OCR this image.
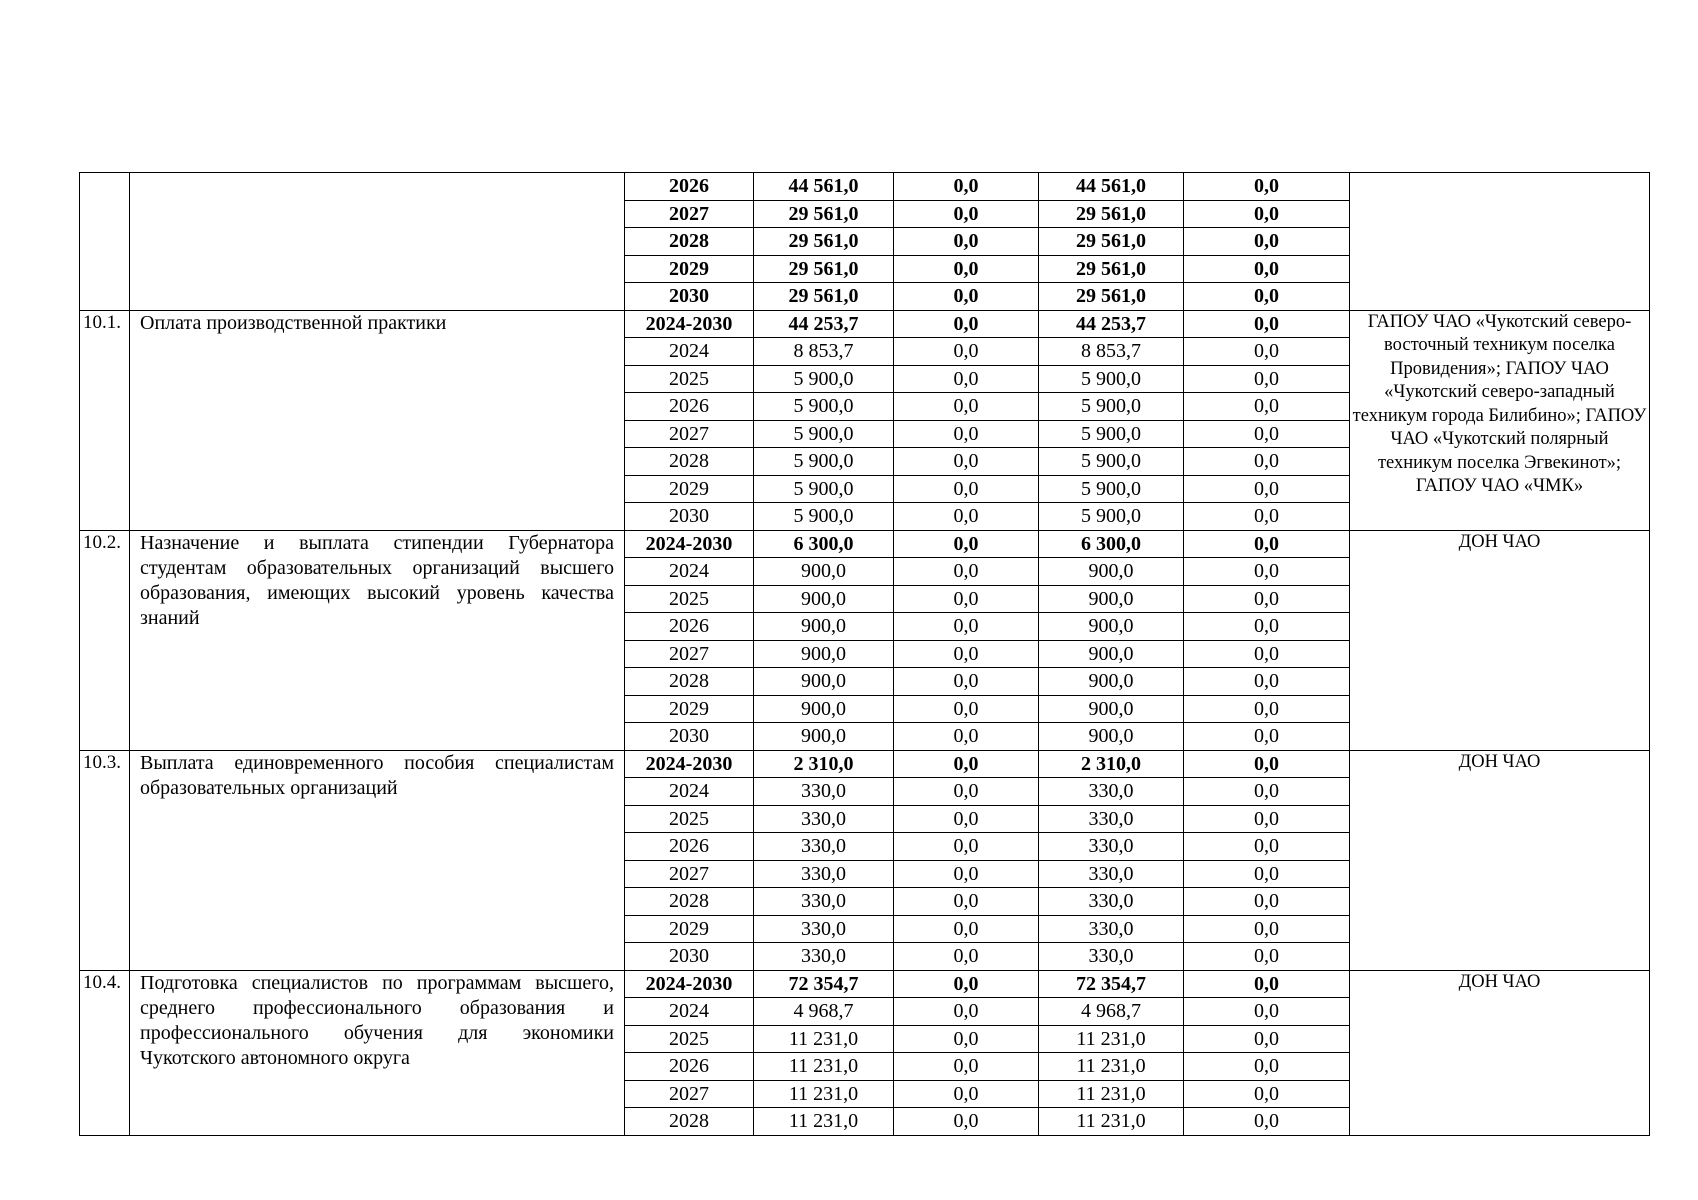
		2026	44 561,0	0,0	44 561,0	0,0	
		2027	29 561,0	0,0	29 561,0	0,0	
		2028	29 561,0	0,0	29 561,0	0,0	
		2029	29 561,0	0,0	29 561,0	0,0	
		2030	29 561,0	0,0	29 561,0	0,0	
10.1.	Оплата производственной практики	2024-2030	44 253,7	0,0	44 253,7	0,0	ГАПОУ ЧАО «Чукотский северо-восточный техникум поселка Провидения»; ГАПОУ ЧАО «Чукотский северо-западный техникум города Билибино»; ГАПОУ ЧАО «Чукотский полярный техникум поселка Эгвекинот»; ГАПОУ ЧАО «ЧМК»
		2024	8 853,7	0,0	8 853,7	0,0	
		2025	5 900,0	0,0	5 900,0	0,0	
		2026	5 900,0	0,0	5 900,0	0,0	
		2027	5 900,0	0,0	5 900,0	0,0	
		2028	5 900,0	0,0	5 900,0	0,0	
		2029	5 900,0	0,0	5 900,0	0,0	
		2030	5 900,0	0,0	5 900,0	0,0	
10.2.	Назначение и выплата стипендии Губернатора студентам образовательных организаций высшего образования, имеющих высокий уровень качества знаний	2024-2030	6 300,0	0,0	6 300,0	0,0	ДОН ЧАО
		2024	900,0	0,0	900,0	0,0	
		2025	900,0	0,0	900,0	0,0	
		2026	900,0	0,0	900,0	0,0	
		2027	900,0	0,0	900,0	0,0	
		2028	900,0	0,0	900,0	0,0	
		2029	900,0	0,0	900,0	0,0	
		2030	900,0	0,0	900,0	0,0	
10.3.	Выплата единовременного пособия специалистам образовательных организаций	2024-2030	2 310,0	0,0	2 310,0	0,0	ДОН ЧАО
		2024	330,0	0,0	330,0	0,0	
		2025	330,0	0,0	330,0	0,0	
		2026	330,0	0,0	330,0	0,0	
		2027	330,0	0,0	330,0	0,0	
		2028	330,0	0,0	330,0	0,0	
		2029	330,0	0,0	330,0	0,0	
		2030	330,0	0,0	330,0	0,0	
10.4.	Подготовка специалистов по программам высшего, среднего профессионального образования и профессионального обучения для экономики Чукотского автономного округа	2024-2030	72 354,7	0,0	72 354,7	0,0	ДОН ЧАО
		2024	4 968,7	0,0	4 968,7	0,0	
		2025	11 231,0	0,0	11 231,0	0,0	
		2026	11 231,0	0,0	11 231,0	0,0	
		2027	11 231,0	0,0	11 231,0	0,0	
		2028	11 231,0	0,0	11 231,0	0,0	
